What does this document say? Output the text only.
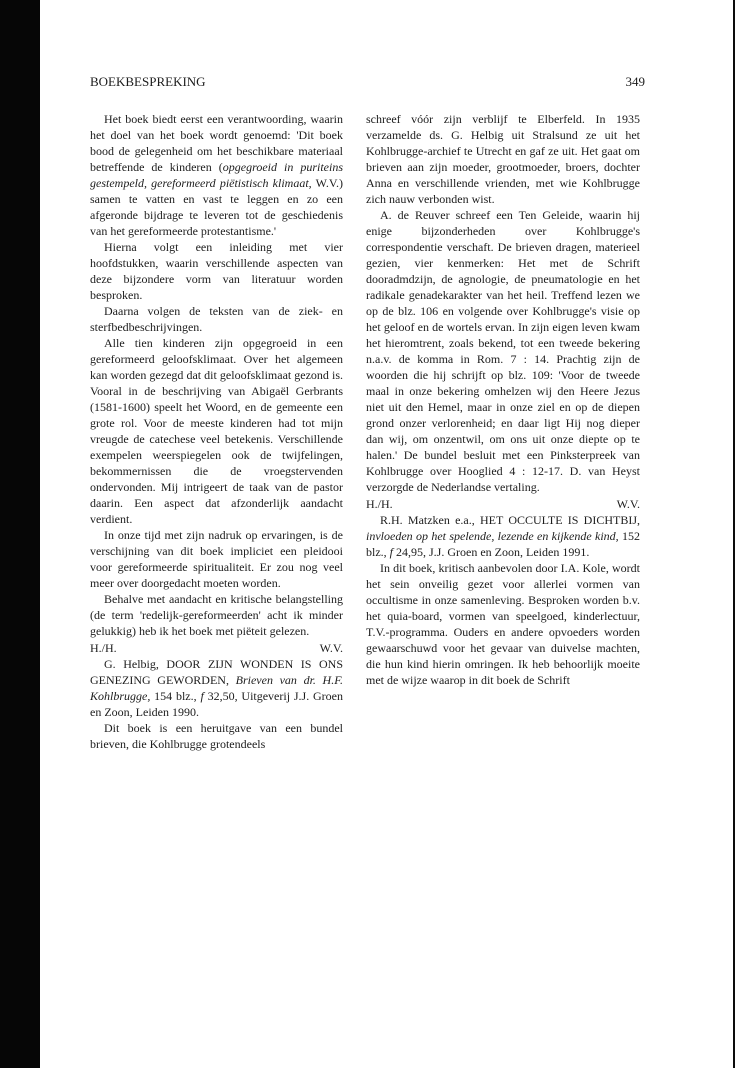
BOEKBESPREKING	349

Het boek biedt eerst een verantwoording, waarin het doel van het boek wordt genoemd: 'Dit boek bood de gelegenheid om het beschikbare materiaal betreffende de kinderen (opgegroeid in puriteins gestempeld, gereformeerd piëtistisch klimaat, W.V.) samen te vatten en vast te leggen en zo een afgeronde bijdrage te leveren tot de geschiedenis van het gereformeerde protestantisme.'

Hierna volgt een inleiding met vier hoofdstukken, waarin verschillende aspecten van deze bijzondere vorm van literatuur worden besproken.

Daarna volgen de teksten van de ziek- en sterfbedbeschrijvingen.

Alle tien kinderen zijn opgegroeid in een gereformeerd geloofsklimaat. Over het algemeen kan worden gezegd dat dit geloofsklimaat gezond is. Vooral in de beschrijving van Abigaël Gerbrants (1581-1600) speelt het Woord, en de gemeente een grote rol. Voor de meeste kinderen had tot mijn vreugde de catechese veel betekenis. Verschillende exempelen weerspiegelen ook de twijfelingen, bekommernissen die de vroegstervenden ondervonden. Mij intrigeert de taak van de pastor daarin. Een aspect dat afzonderlijk aandacht verdient.

In onze tijd met zijn nadruk op ervaringen, is de verschijning van dit boek impliciet een pleidooi voor gereformeerde spiritualiteit. Er zou nog veel meer over doorgedacht moeten worden.

Behalve met aandacht en kritische belangstelling (de term 'redelijk-gereformeerden' acht ik minder gelukkig) heb ik het boek met piëteit gelezen.

H./H.	W.V.

G. Helbig, DOOR ZIJN WONDEN IS ONS GENEZING GEWORDEN, Brieven van dr. H.F. Kohlbrugge, 154 blz., f 32,50, Uitgeverij J.J. Groen en Zoon, Leiden 1990.

Dit boek is een heruitgave van een bundel brieven, die Kohlbrugge grotendeels

schreef vóór zijn verblijf te Elberfeld. In 1935 verzamelde ds. G. Helbig uit Stralsund ze uit het Kohlbrugge-archief te Utrecht en gaf ze uit. Het gaat om brieven aan zijn moeder, grootmoeder, broers, dochter Anna en verschillende vrienden, met wie Kohlbrugge zich nauw verbonden wist.

A. de Reuver schreef een Ten Geleide, waarin hij enige bijzonderheden over Kohlbrugge's correspondentie verschaft. De brieven dragen, materieel gezien, vier kenmerken: Het met de Schrift dooradmdzijn, de agnologie, de pneumatologie en het radikale genadekarakter van het heil. Treffend lezen we op de blz. 106 en volgende over Kohlbrugge's visie op het geloof en de wortels ervan. In zijn eigen leven kwam het hieromtrent, zoals bekend, tot een tweede bekering n.a.v. de komma in Rom. 7 : 14. Prachtig zijn de woorden die hij schrijft op blz. 109: 'Voor de tweede maal in onze bekering omhelzen wij den Heere Jezus niet uit den Hemel, maar in onze ziel en op de diepen grond onzer verlorenheid; en daar ligt Hij nog dieper dan wij, om onzentwil, om ons uit onze diepte op te halen.' De bundel besluit met een Pinksterpreek van Kohlbrugge over Hooglied 4 : 12-17. D. van Heyst verzorgde de Nederlandse vertaling.

H./H.	W.V.

R.H. Matzken e.a., HET OCCULTE IS DICHTBIJ, invloeden op het spelende, lezende en kijkende kind, 152 blz., f 24,95, J.J. Groen en Zoon, Leiden 1991.

In dit boek, kritisch aanbevolen door I.A. Kole, wordt het sein onveilig gezet voor allerlei vormen van occultisme in onze samenleving. Besproken worden b.v. het quia-board, vormen van speelgoed, kinderlectuur, T.V.-programma. Ouders en andere opvoeders worden gewaarschuwd voor het gevaar van duivelse machten, die hun kind hierin omringen. Ik heb behoorlijk moeite met de wijze waarop in dit boek de Schrift
